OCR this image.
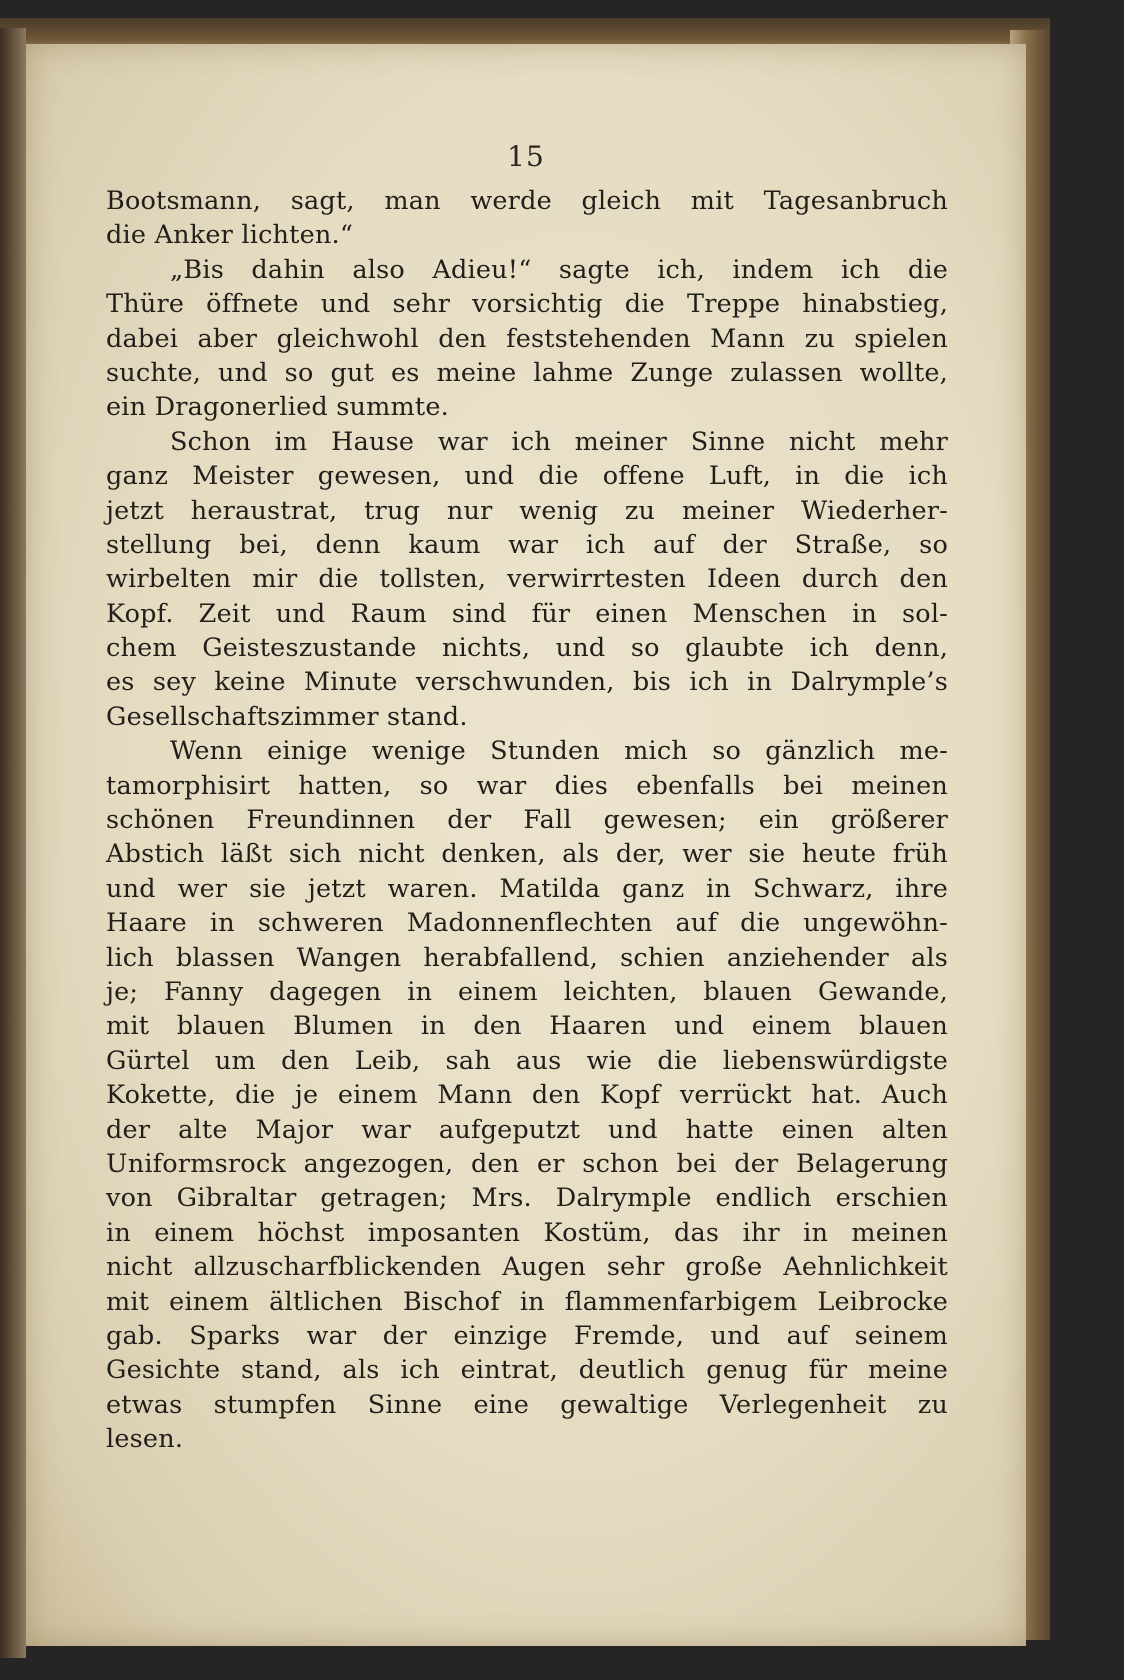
15
Bootsmann, sagt, man werde gleich mit Tagesanbruch
die Anker lichten.“
„Bis dahin also Adieu!“ sagte ich, indem ich die
Thüre öffnete und sehr vorsichtig die Treppe hinabstieg,
dabei aber gleichwohl den feststehenden Mann zu spielen
suchte, und so gut es meine lahme Zunge zulassen wollte,
ein Dragonerlied summte.
Schon im Hause war ich meiner Sinne nicht mehr
ganz Meister gewesen, und die offene Luft, in die ich
jetzt heraustrat, trug nur wenig zu meiner Wiederher-
stellung bei, denn kaum war ich auf der Straße, so
wirbelten mir die tollsten, verwirrtesten Ideen durch den
Kopf. Zeit und Raum sind für einen Menschen in sol-
chem Geisteszustande nichts, und so glaubte ich denn,
es sey keine Minute verschwunden, bis ich in Dalrymple’s
Gesellschaftszimmer stand.
Wenn einige wenige Stunden mich so gänzlich me-
tamorphisirt hatten, so war dies ebenfalls bei meinen
schönen Freundinnen der Fall gewesen; ein größerer
Abstich läßt sich nicht denken, als der, wer sie heute früh
und wer sie jetzt waren. Matilda ganz in Schwarz, ihre
Haare in schweren Madonnenflechten auf die ungewöhn-
lich blassen Wangen herabfallend, schien anziehender als
je; Fanny dagegen in einem leichten, blauen Gewande,
mit blauen Blumen in den Haaren und einem blauen
Gürtel um den Leib, sah aus wie die liebenswürdigste
Kokette, die je einem Mann den Kopf verrückt hat. Auch
der alte Major war aufgeputzt und hatte einen alten
Uniformsrock angezogen, den er schon bei der Belagerung
von Gibraltar getragen; Mrs. Dalrymple endlich erschien
in einem höchst imposanten Kostüm, das ihr in meinen
nicht allzuscharfblickenden Augen sehr große Aehnlichkeit
mit einem ältlichen Bischof in flammenfarbigem Leibrocke
gab. Sparks war der einzige Fremde, und auf seinem
Gesichte stand, als ich eintrat, deutlich genug für meine
etwas stumpfen Sinne eine gewaltige Verlegenheit zu
lesen.
